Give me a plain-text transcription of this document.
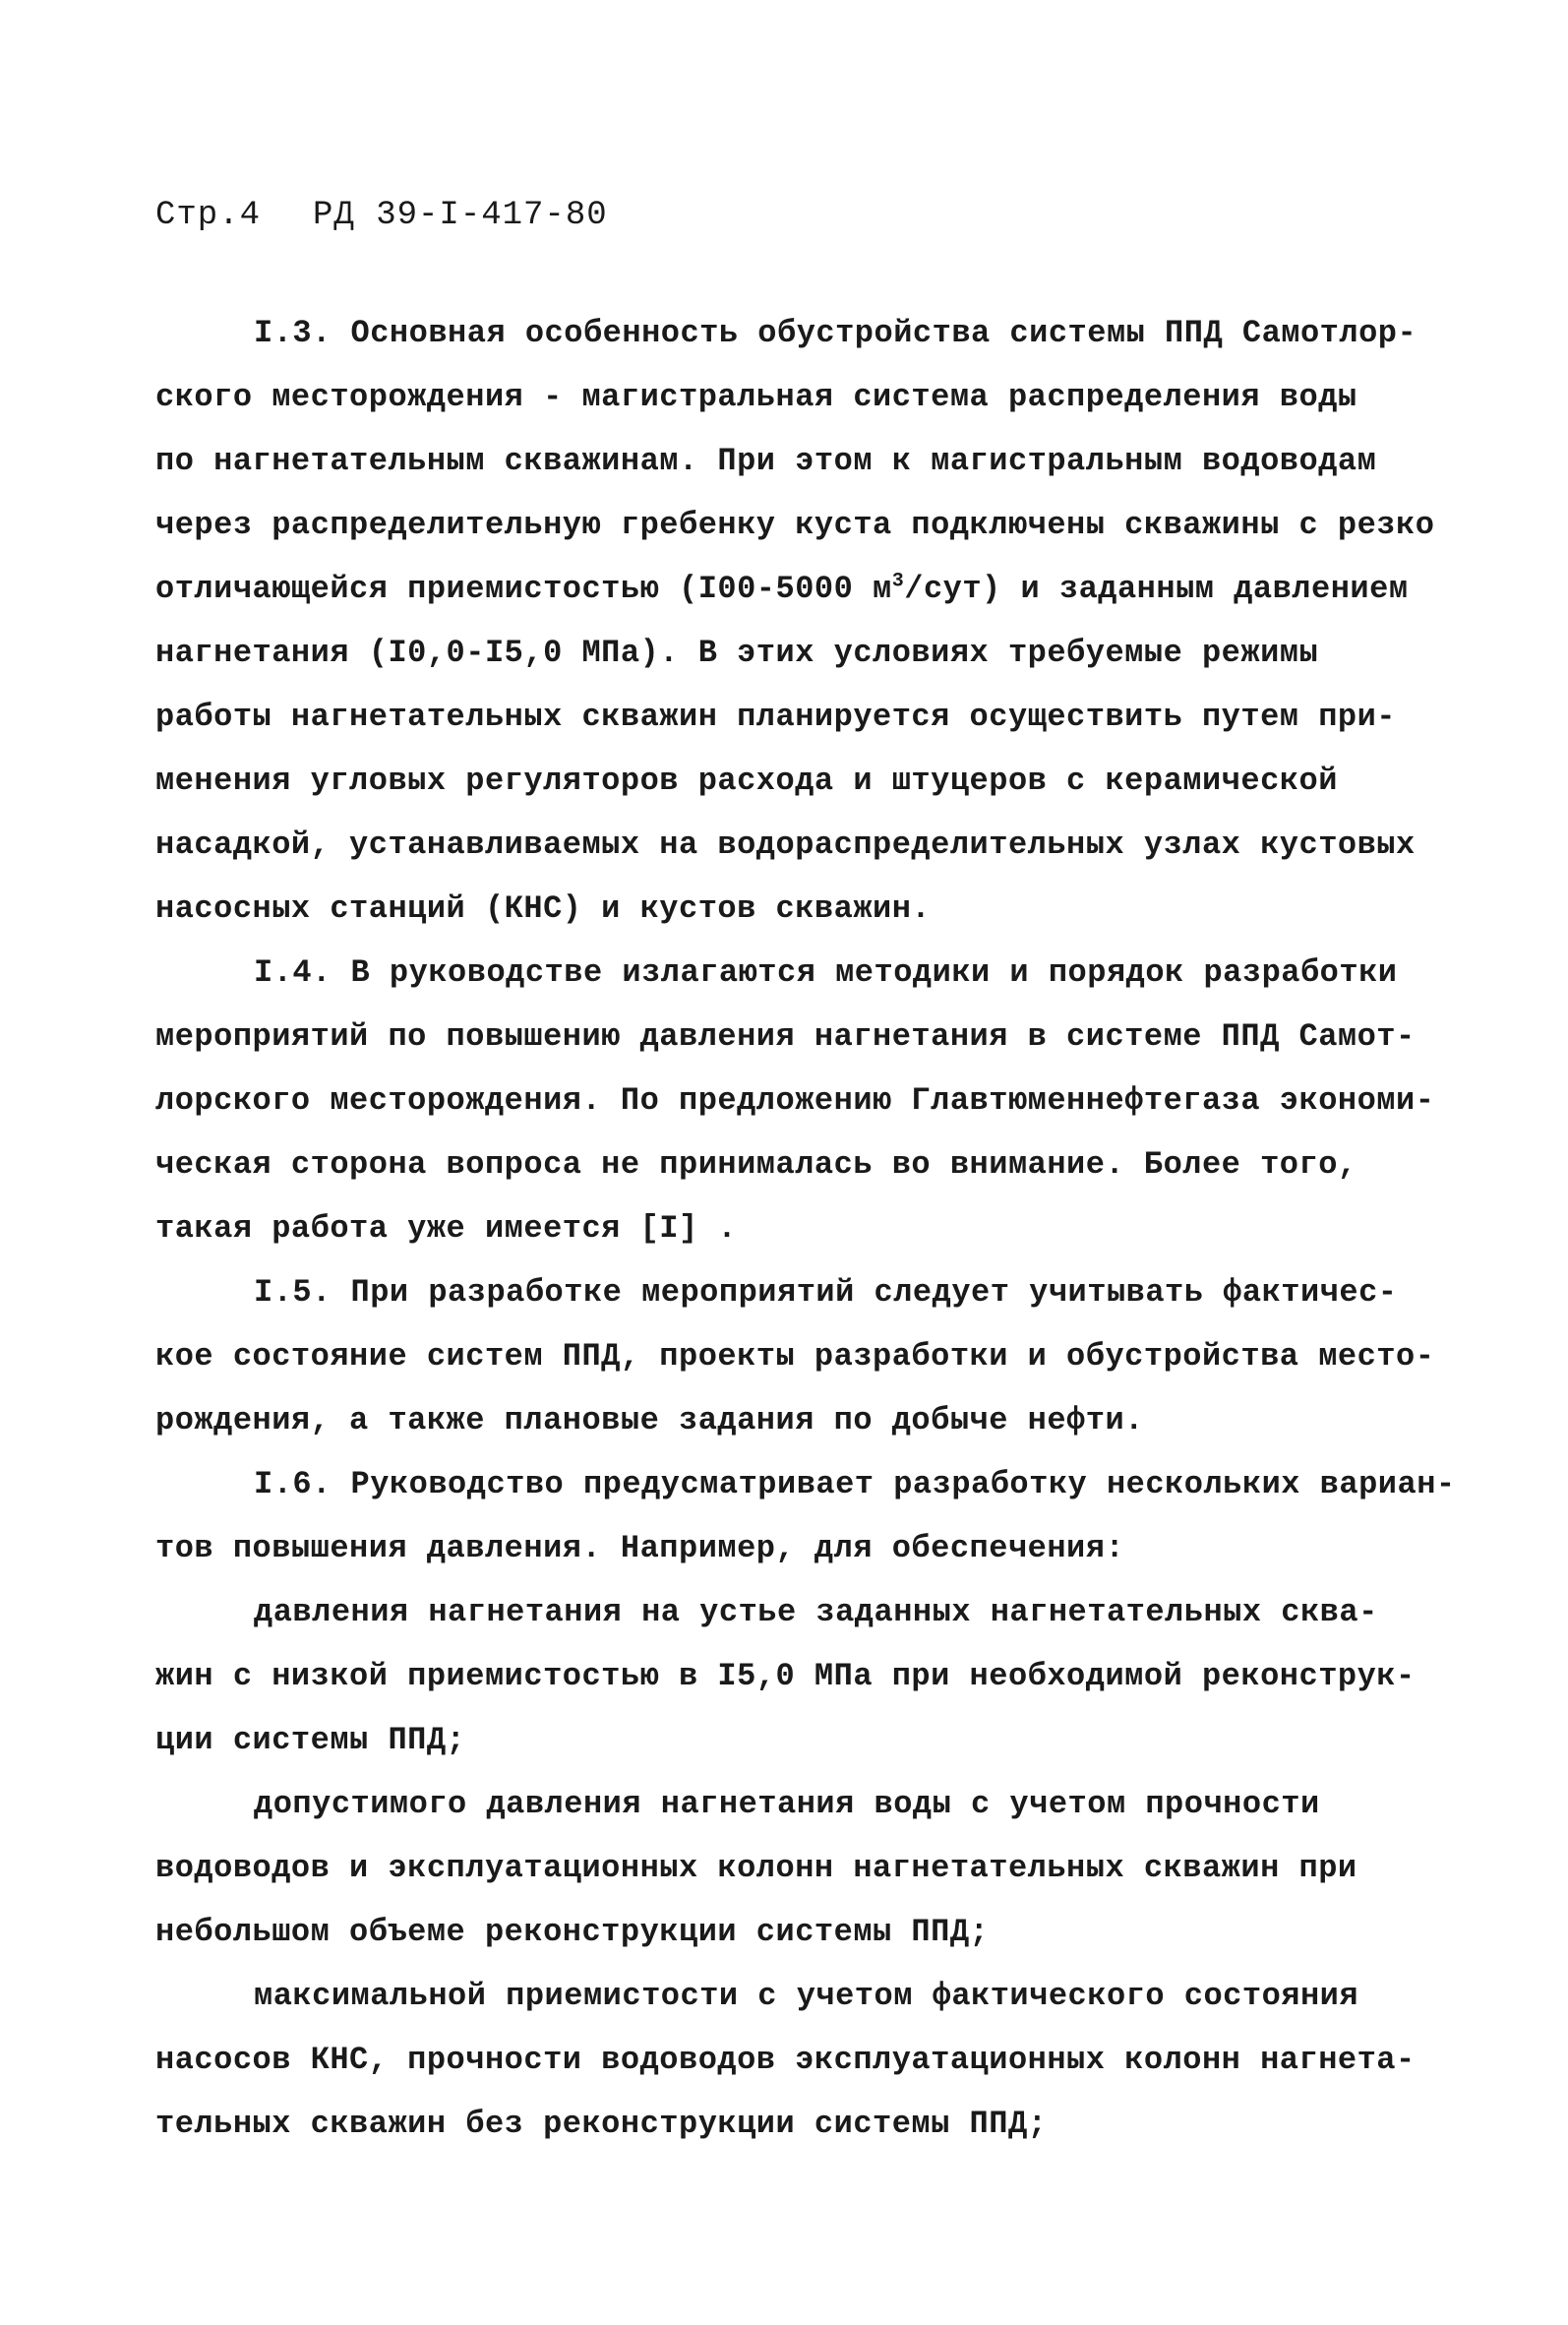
Стр.4 РД 39-I-417-80
I.3. Основная особенность обустройства системы ППД Самотлор-
ского месторождения - магистральная система распределения воды
по нагнетательным скважинам. При этом к магистральным водоводам
через распределительную гребенку куста подключены скважины с резко
отличающейся приемистостью (I00-5000 $м^3/сут$) и заданным давлением
нагнетания (I0,0-I5,0 МПа). В этих условиях требуемые режимы
работы нагнетательных скважин планируется осуществить путем при-
менения угловых регуляторов расхода и штуцеров с керамической
насадкой, устанавливаемых на водораспределительных узлах кустовых
насосных станций (КНС) и кустов скважин.
I.4. В руководстве излагаются методики и порядок разработки
мероприятий по повышению давления нагнетания в системе ППД Самот-
лорского месторождения. По предложению Главтюменнефтегаза экономи-
ческая сторона вопроса не принималась во внимание. Более того,
такая работа уже имеется [I] .
I.5. При разработке мероприятий следует учитывать фактичес-
кое состояние систем ППД, проекты разработки и обустройства место-
рождения, а также плановые задания по добыче нефти.
I.6. Руководство предусматривает разработку нескольких вариан-
тов повышения давления. Например, для обеспечения:
давления нагнетания на устье заданных нагнетательных сква-
жин с низкой приемистостью в I5,0 МПа при необходимой реконструк-
ции системы ППД;
допустимого давления нагнетания воды с учетом прочности
водоводов и эксплуатационных колонн нагнетательных скважин при
небольшом объеме реконструкции системы ППД;
максимальной приемистости с учетом фактического состояния
насосов КНС, прочности водоводов эксплуатационных колонн нагнета-
тельных скважин без реконструкции системы ППД;
